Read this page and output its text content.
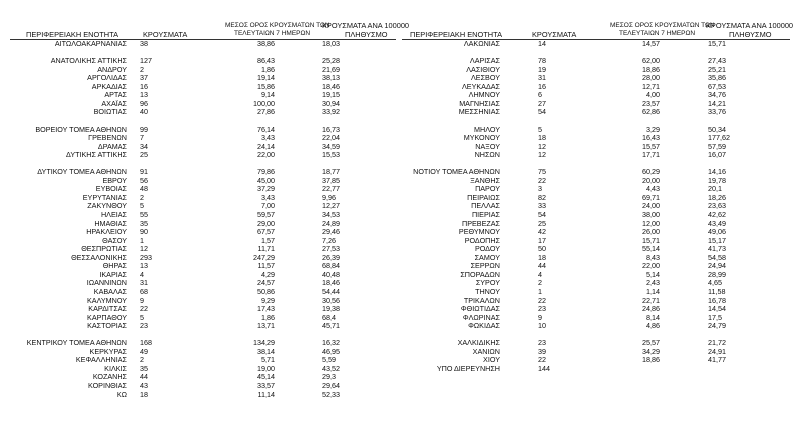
ΠΕΡΙΦΕΡΕΙΑΚΗ ΕΝΟΤΗΤΑ	ΚΡΟΥΣΜΑΤΑ
ΜΕΣΟΣ ΟΡΟΣ ΚΡΟΥΣΜΑΤΩΝ ΤΩΝ
ΤΕΛΕΥΤΑΙΩΝ 7 ΗΜΕΡΩΝ
ΚΡΟΥΣΜΑΤΑ ΑΝΑ 100000
ΠΛΗΘΥΣΜΟ	ΠΕΡΙΦΕΡΕΙΑΚΗ ΕΝΟΤΗΤΑ	ΚΡΟΥΣΜΑΤΑ
ΜΕΣΟΣ ΟΡΟΣ ΚΡΟΥΣΜΑΤΩΝ ΤΩΝ
ΤΕΛΕΥΤΑΙΩΝ 7 ΗΜΕΡΩΝ
ΚΡΟΥΣΜΑΤΑ ΑΝΑ 100000
ΠΛΗΘΥΣΜΟ
ΑΙΤΩΛΟΑΚΑΡΝΑΝΙΑΣ 38	38,86	18,03
ΑΝΑΤΟΛΙΚΗΣ ΑΤΤΙΚΗΣ 127	86,43	25,28
ΑΝΔΡΟΥ 2	1,86	21,69
ΑΡΓΟΛΙΔΑΣ 37	19,14	38,13
ΑΡΚΑΔΙΑΣ 16	15,86	18,46
ΑΡΤΑΣ 13	9,14	19,15
ΑΧΑΪΑΣ 96	100,00	30,94
ΒΟΙΩΤΙΑΣ 40	27,86	33,92
ΒΟΡΕΙΟΥ ΤΟΜΕΑ ΑΘΗΝΩΝ 99	76,14	16,73
ΓΡΕΒΕΝΩΝ 7	3,43	22,04
ΔΡΑΜΑΣ 34	24,14	34,59
ΔΥΤΙΚΗΣ ΑΤΤΙΚΗΣ 25	22,00	15,53
ΔΥΤΙΚΟΥ ΤΟΜΕΑ ΑΘΗΝΩΝ 91	79,86	18,77
ΕΒΡΟΥ 56	45,00	37,85
ΕΥΒΟΙΑΣ 48	37,29	22,77
ΕΥΡΥΤΑΝΙΑΣ 2	3,43	9,96
ΖΑΚΥΝΘΟΥ 5	7,00	12,27
ΗΛΕΙΑΣ 55	59,57	34,53
ΗΜΑΘΙΑΣ 35	29,00	24,89
ΗΡΑΚΛΕΙΟΥ 90	67,57	29,46
ΘΑΣΟΥ 1	1,57	7,26
ΘΕΣΠΡΩΤΙΑΣ 12	11,71	27,53
ΘΕΣΣΑΛΟΝΙΚΗΣ 293	247,29	26,39
ΘΗΡΑΣ 13	11,57	68,84
ΙΚΑΡΙΑΣ 4	4,29	40,48
ΙΩΑΝΝΙΝΩΝ 31	24,57	18,46
ΚΑΒΑΛΑΣ 68	50,86	54,44
ΚΑΛΥΜΝΟΥ 9	9,29	30,56
ΚΑΡΔΙΤΣΑΣ 22	17,43	19,38
ΚΑΡΠΑΘΟΥ 5	1,86	68,4
ΚΑΣΤΟΡΙΑΣ 23	13,71	45,71
ΚΕΝΤΡΙΚΟΥ ΤΟΜΕΑ ΑΘΗΝΩΝ 168	134,29	16,32
ΚΕΡΚΥΡΑΣ 49	38,14	46,95
ΚΕΦΑΛΛΗΝΙΑΣ 2	5,71	5,59
ΚΙΛΚΙΣ 35	19,00	43,52
ΚΟΖΑΝΗΣ 44	45,14	29,3
ΚΟΡΙΝΘΙΑΣ 43	33,57	29,64
ΚΩ 18	11,14	52,33
ΛΑΚΩΝΙΑΣ	14	14,57	15,71
ΛΑΡΙΣΑΣ	78	62,00	27,43
ΛΑΣΙΘΙΟΥ	19	18,86	25,21
ΛΕΣΒΟΥ	31	28,00	35,86
ΛΕΥΚΑΔΑΣ	16	12,71	67,53
ΛΗΜΝΟΥ	6	4,00	34,76
ΜΑΓΝΗΣΙΑΣ	27	23,57	14,21
ΜΕΣΣΗΝΙΑΣ	54	62,86	33,76
ΜΗΛΟΥ	5	3,29	50,34
ΜΥΚΟΝΟΥ	18	16,43	177,62
ΝΑΞΟΥ	12	15,57	57,59
ΝΗΣΩΝ	12	17,71	16,07
ΝΟΤΙΟΥ ΤΟΜΕΑ ΑΘΗΝΩΝ	75	60,29	14,16
ΞΑΝΘΗΣ	22	20,00	19,78
ΠΑΡΟΥ	3	4,43	20,1
ΠΕΙΡΑΙΩΣ	82	69,71	18,26
ΠΕΛΛΑΣ	33	24,00	23,63
ΠΙΕΡΙΑΣ	54	38,00	42,62
ΠΡΕΒΕΖΑΣ	25	12,00	43,49
ΡΕΘΥΜΝΟΥ	42	26,00	49,06
ΡΟΔΟΠΗΣ	17	15,71	15,17
ΡΟΔΟΥ	50	55,14	41,73
ΣΑΜΟΥ	18	8,43	54,58
ΣΕΡΡΩΝ	44	22,00	24,94
ΣΠΟΡΑΔΩΝ	4	5,14	28,99
ΣΥΡΟΥ	2	2,43	4,65
ΤΗΝΟΥ	1	1,14	11,58
ΤΡΙΚΑΛΩΝ	22	22,71	16,78
ΦΘΙΩΤΙΔΑΣ	23	24,86	14,54
ΦΛΩΡΙΝΑΣ	9	8,14	17,5
ΦΩΚΙΔΑΣ	10	4,86	24,79
ΧΑΛΚΙΔΙΚΗΣ	23	25,57	21,72
ΧΑΝΙΩΝ	39	34,29	24,91
ΧΙΟΥ	22	18,86	41,77
ΥΠΟ ΔΙΕΡΕΥΝΗΣΗ	144
